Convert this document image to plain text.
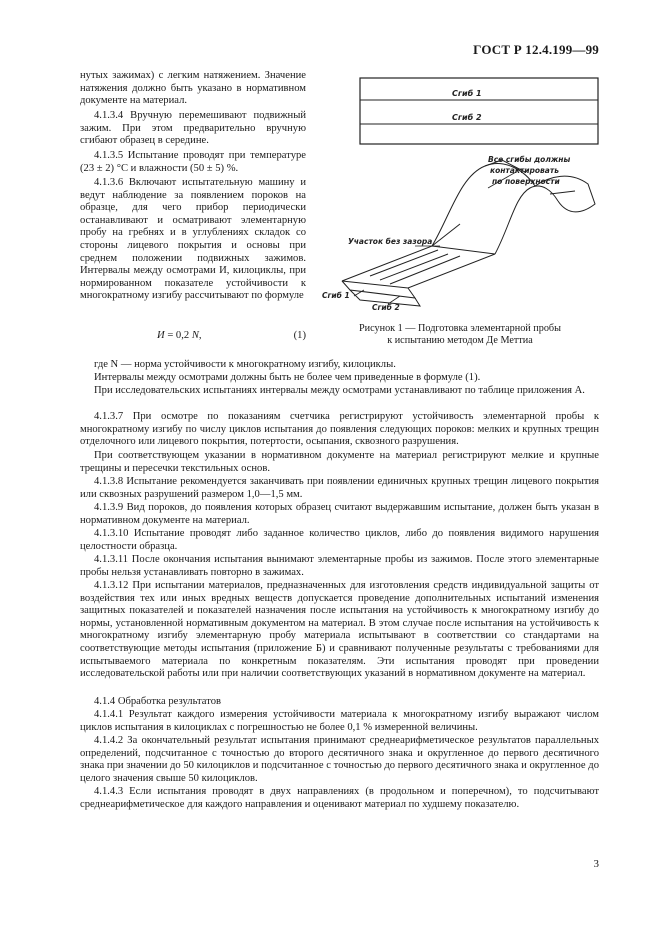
ГОСТ Р 12.4.199—99

нутых зажимах) с легким натяжением. Значение натяжения должно быть указано в нормативном документе на материал.

4.1.3.4 Вручную перемешивают подвижный зажим. При этом предварительно вручную сгибают образец в середине.

4.1.3.5 Испытание проводят при температуре (23 ± 2) °С и влажности (50 ± 5) %.

4.1.3.6 Включают испытательную машину и ведут наблюдение за появлением пороков на образце, для чего прибор периодически останавливают и осматривают элементарную пробу на гребнях и в углублениях складок со стороны лицевого покрытия и основы при среднем положении подвижных зажимов. Интервалы между осмотрами И, килоциклы, при нормированном показателе устойчивости к многократному изгибу рассчитывают по формуле

И = 0,2 N,	(1)
Сгиб 1
Сгиб 2
Все сгибы должны
контактировать
по поверхности
Участок без зазора
Сгиб 1
Сгиб 2
Рисунок 1 — Подготовка элементарной пробы
к испытанию методом Де Меттиа

где N — норма устойчивости к многократному изгибу, килоциклы.

Интервалы между осмотрами должны быть не более чем приведенные в формуле (1).

При исследовательских испытаниях интервалы между осмотрами устанавливают по таблице приложения А.

4.1.3.7 При осмотре по показаниям счетчика регистрируют устойчивость элементарной пробы к многократному изгибу по числу циклов испытания до появления следующих пороков: мелких и крупных трещин отделочного или лицевого покрытия, потертости, осыпания, сквозного разрушения.

При соответствующем указании в нормативном документе на материал регистрируют мелкие и крупные трещины и пересечки текстильных основ.

4.1.3.8 Испытание рекомендуется заканчивать при появлении единичных крупных трещин лицевого покрытия или сквозных разрушений размером 1,0—1,5 мм.

4.1.3.9 Вид пороков, до появления которых образец считают выдержавшим испытание, должен быть указан в нормативном документе на материал.

4.1.3.10 Испытание проводят либо заданное количество циклов, либо до появления видимого нарушения целостности образца.

4.1.3.11 После окончания испытания вынимают элементарные пробы из зажимов. После этого элементарные пробы нельзя устанавливать повторно в зажимах.

4.1.3.12 При испытании материалов, предназначенных для изготовления средств индивидуальной защиты от воздействия тех или иных вредных веществ допускается проведение дополнительных испытаний изменения защитных показателей и показателей назначения после испытания на устойчивость к многократному изгибу до нормы, установленной нормативным документом на материал. В этом случае после испытания на устойчивость к многократному изгибу элементарную пробу материала испытывают в соответствии со стандартами на соответствующие методы испытания (приложение Б) и сравнивают полученные результаты с требованиями для испытываемого материала по конкретным показателям. Эти испытания проводят при проведении исследовательской работы или при наличии соответствующих указаний в нормативном документе на материал.

4.1.4 Обработка результатов

4.1.4.1 Результат каждого измерения устойчивости материала к многократному изгибу выражают числом циклов испытания в килоциклах с погрешностью не более 0,1 % измеренной величины.

4.1.4.2 За окончательный результат испытания принимают среднеарифметическое результатов параллельных определений, подсчитанное с точностью до второго десятичного знака и округленное до первого десятичного знака при значении до 50 килоциклов и подсчитанное с точностью до первого десятичного знака и округленное до целого значения свыше 50 килоциклов.

4.1.4.3 Если испытания проводят в двух направлениях (в продольном и поперечном), то подсчитывают среднеарифметическое для каждого направления и оценивают материал по худшему показателю.

3
